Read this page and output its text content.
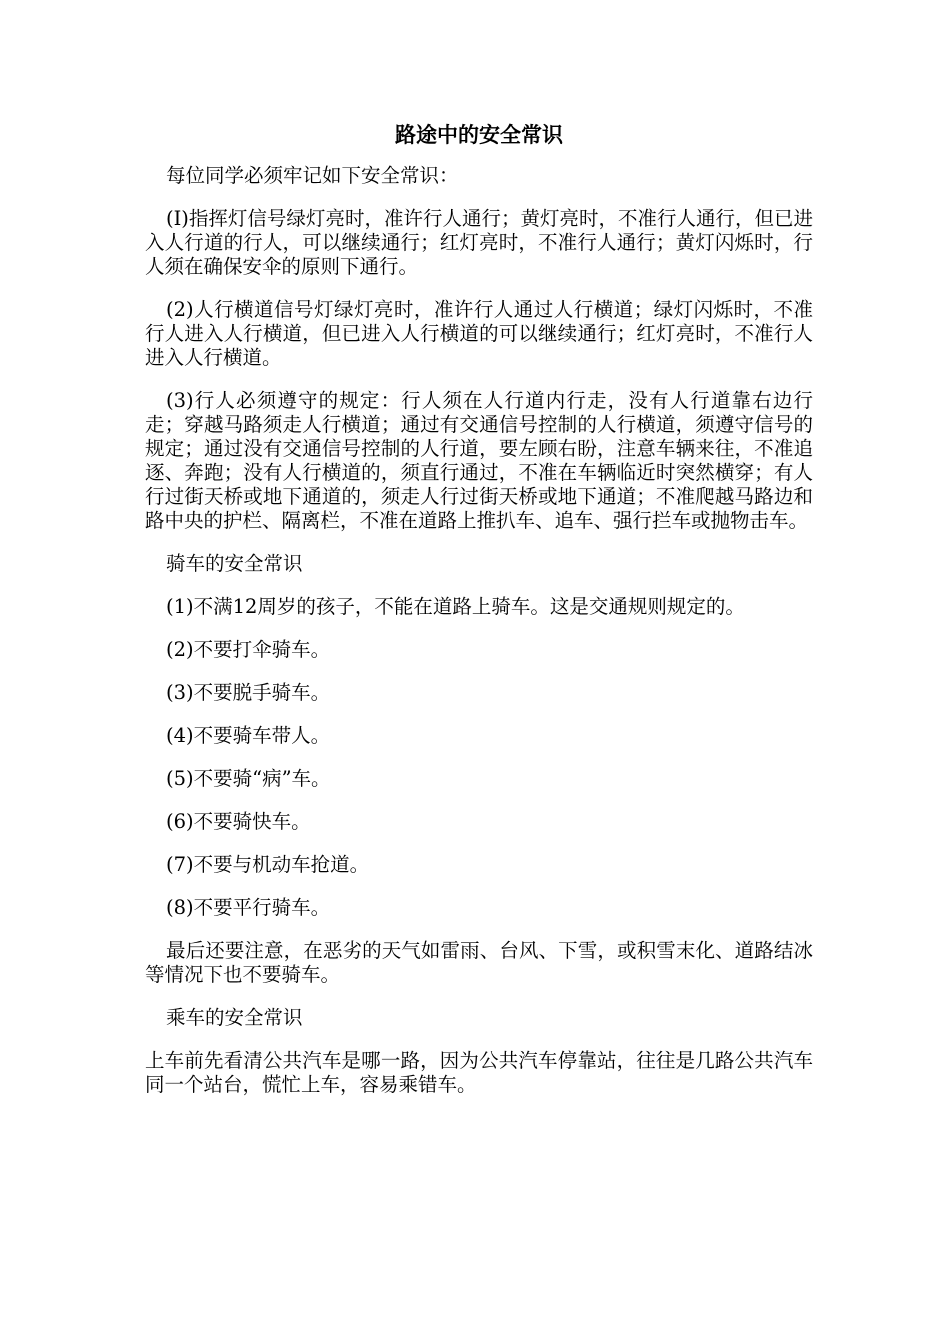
路途中的安全常识

每位同学必须牢记如下安全常识：

(I)指挥灯信号绿灯亮时，准许行人通行；黄灯亮时，不准行人通行，但已进入人行道的行人，可以继续通行；红灯亮时，不准行人通行；黄灯闪烁时，行人须在确保安伞的原则下通行。

(2)人行横道信号灯绿灯亮时，准许行人通过人行横道；绿灯闪烁时，不准行人进入人行横道，但已进入人行横道的可以继续通行；红灯亮时，不准行人进入人行横道。

(3)行人必须遵守的规定：行人须在人行道内行走，没有人行道靠右边行走；穿越马路须走人行横道；通过有交通信号控制的人行横道，须遵守信号的规定；通过没有交通信号控制的人行道，要左顾右盼，注意车辆来往，不准追逐、奔跑；没有人行横道的，须直行通过，不准在车辆临近时突然横穿；有人行过街天桥或地下通道的，须走人行过街天桥或地下通道；不准爬越马路边和路中央的护栏、隔离栏，不准在道路上推扒车、追车、强行拦车或抛物击车。

骑车的安全常识

(1)不满12周岁的孩子，不能在道路上骑车。这是交通规则规定的。

(2)不要打伞骑车。

(3)不要脱手骑车。

(4)不要骑车带人。

(5)不要骑“病”车。

(6)不要骑快车。

(7)不要与机动车抢道。

(8)不要平行骑车。

最后还要注意，在恶劣的天气如雷雨、台风、下雪，或积雪末化、道路结冰等情况下也不要骑车。

乘车的安全常识

上车前先看清公共汽车是哪一路，因为公共汽车停靠站，往往是几路公共汽车同一个站台，慌忙上车，容易乘错车。
